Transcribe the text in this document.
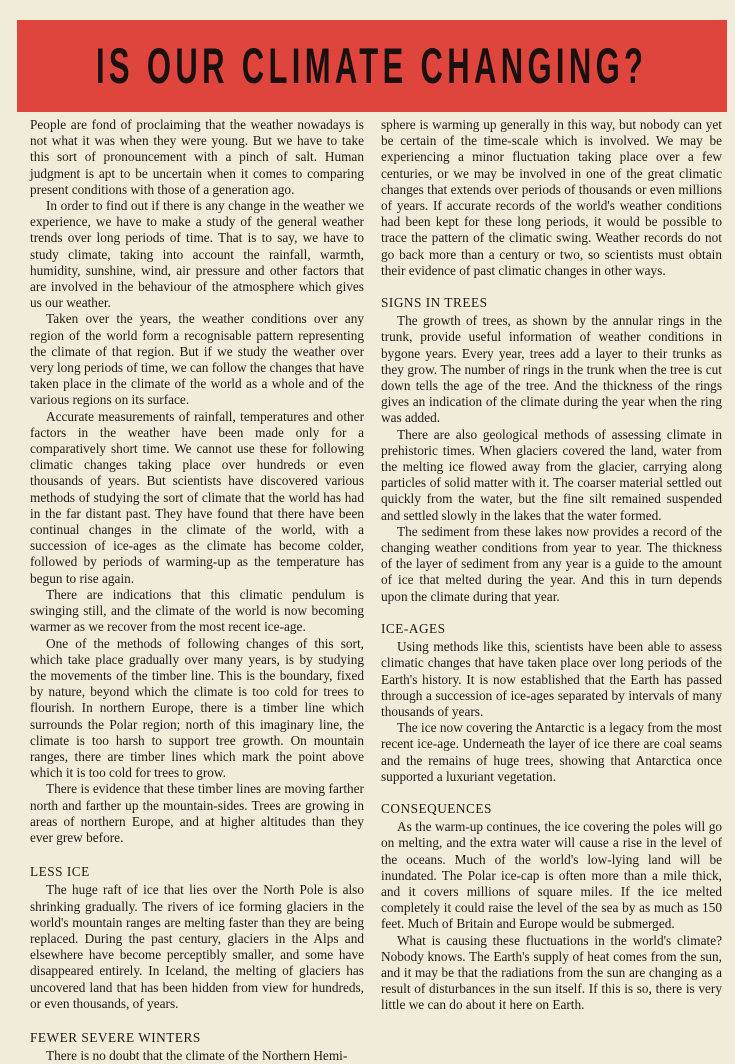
IS OUR CLIMATE CHANGING?

People are fond of proclaiming that the weather nowadays is not what it was when they were young. But we have to take this sort of pronouncement with a pinch of salt. Human judgment is apt to be uncertain when it comes to comparing present conditions with those of a generation ago.

In order to find out if there is any change in the weather we experience, we have to make a study of the general weather trends over long periods of time. That is to say, we have to study climate, taking into account the rainfall, warmth, humidity, sunshine, wind, air pressure and other factors that are involved in the behaviour of the atmosphere which gives us our weather.

Taken over the years, the weather conditions over any region of the world form a recognisable pattern representing the climate of that region. But if we study the weather over very long periods of time, we can follow the changes that have taken place in the climate of the world as a whole and of the various regions on its surface.

Accurate measurements of rainfall, temperatures and other factors in the weather have been made only for a comparatively short time. We cannot use these for following climatic changes taking place over hundreds or even thousands of years. But scientists have discovered various methods of studying the sort of climate that the world has had in the far distant past. They have found that there have been continual changes in the climate of the world, with a succession of ice-ages as the climate has become colder, followed by periods of warming-up as the temperature has begun to rise again.

There are indications that this climatic pendulum is swinging still, and the climate of the world is now becoming warmer as we recover from the most recent ice-age.

One of the methods of following changes of this sort, which take place gradually over many years, is by studying the movements of the timber line. This is the boundary, fixed by nature, beyond which the climate is too cold for trees to flourish. In northern Europe, there is a timber line which surrounds the Polar region; north of this imaginary line, the climate is too harsh to support tree growth. On mountain ranges, there are timber lines which mark the point above which it is too cold for trees to grow.

There is evidence that these timber lines are moving farther north and farther up the mountain-sides. Trees are growing in areas of northern Europe, and at higher altitudes than they ever grew before.

LESS ICE

The huge raft of ice that lies over the North Pole is also shrinking gradually. The rivers of ice forming glaciers in the world's mountain ranges are melting faster than they are being replaced. During the past century, glaciers in the Alps and elsewhere have become perceptibly smaller, and some have disappeared entirely. In Iceland, the melting of glaciers has uncovered land that has been hidden from view for hundreds, or even thousands, of years.

FEWER SEVERE WINTERS

There is no doubt that the climate of the Northern Hemi-

sphere is warming up generally in this way, but nobody can yet be certain of the time-scale which is involved. We may be experiencing a minor fluctuation taking place over a few centuries, or we may be involved in one of the great climatic changes that extends over periods of thousands or even millions of years. If accurate records of the world's weather conditions had been kept for these long periods, it would be possible to trace the pattern of the climatic swing. Weather records do not go back more than a century or two, so scientists must obtain their evidence of past climatic changes in other ways.

SIGNS IN TREES

The growth of trees, as shown by the annular rings in the trunk, provide useful information of weather conditions in bygone years. Every year, trees add a layer to their trunks as they grow. The number of rings in the trunk when the tree is cut down tells the age of the tree. And the thickness of the rings gives an indication of the climate during the year when the ring was added.

There are also geological methods of assessing climate in prehistoric times. When glaciers covered the land, water from the melting ice flowed away from the glacier, carrying along particles of solid matter with it. The coarser material settled out quickly from the water, but the fine silt remained suspended and settled slowly in the lakes that the water formed.

The sediment from these lakes now provides a record of the changing weather conditions from year to year. The thickness of the layer of sediment from any year is a guide to the amount of ice that melted during the year. And this in turn depends upon the climate during that year.

ICE-AGES

Using methods like this, scientists have been able to assess climatic changes that have taken place over long periods of the Earth's history. It is now established that the Earth has passed through a succession of ice-ages separated by intervals of many thousands of years.

The ice now covering the Antarctic is a legacy from the most recent ice-age. Underneath the layer of ice there are coal seams and the remains of huge trees, showing that Antarctica once supported a luxuriant vegetation.

CONSEQUENCES

As the warm-up continues, the ice covering the poles will go on melting, and the extra water will cause a rise in the level of the oceans. Much of the world's low-lying land will be inundated. The Polar ice-cap is often more than a mile thick, and it covers millions of square miles. If the ice melted completely it could raise the level of the sea by as much as 150 feet. Much of Britain and Europe would be submerged.

What is causing these fluctuations in the world's climate? Nobody knows. The Earth's supply of heat comes from the sun, and it may be that the radiations from the sun are changing as a result of disturbances in the sun itself. If this is so, there is very little we can do about it here on Earth.
